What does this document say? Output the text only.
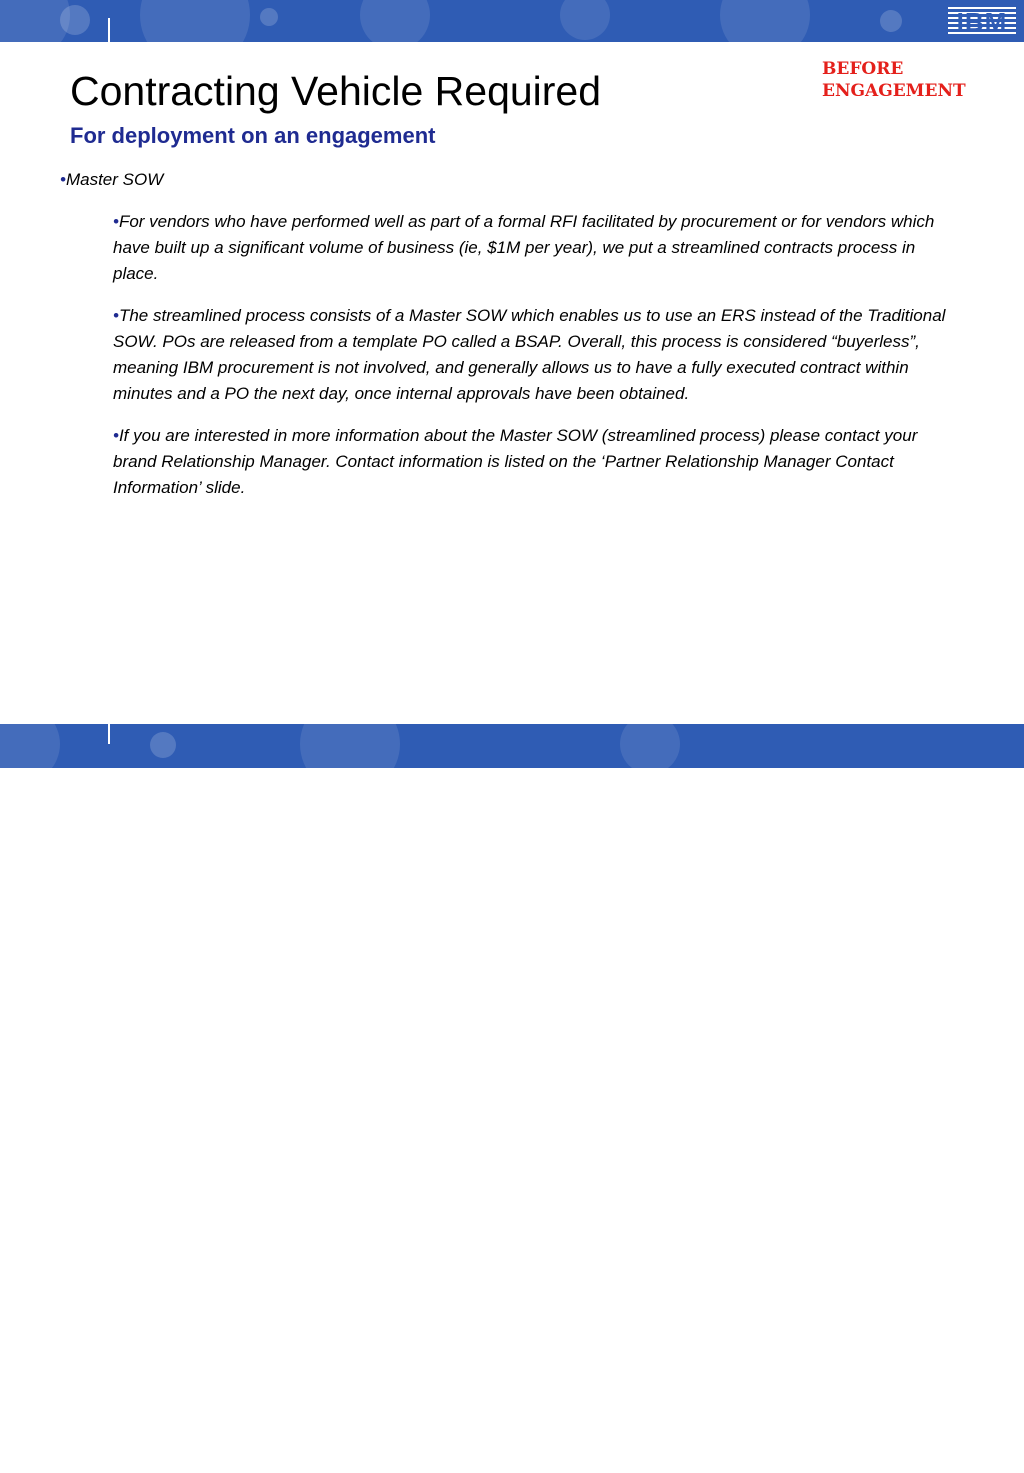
IBM
Contracting Vehicle Required
For deployment on an engagement

BEFORE
ENGAGEMENT

•Master SOW

•For vendors who have performed well as part of a formal RFI facilitated by procurement or for vendors which have built up a significant volume of business (ie, $1M per year), we put a streamlined contracts process in place.

•The streamlined process consists of a Master SOW which enables us to use an ERS instead of the Traditional SOW. POs are released from a template PO called a BSAP. Overall, this process is considered “buyerless”, meaning IBM procurement is not involved, and generally allows us to have a fully executed contract within minutes and a PO the next day, once internal approvals have been obtained.

•If you are interested in more information about the Master SOW (streamlined process) please contact your brand Relationship Manager. Contact information is listed on the ‘Partner Relationship Manager Contact Information’ slide.

6	© 2005 IBM Corporation
